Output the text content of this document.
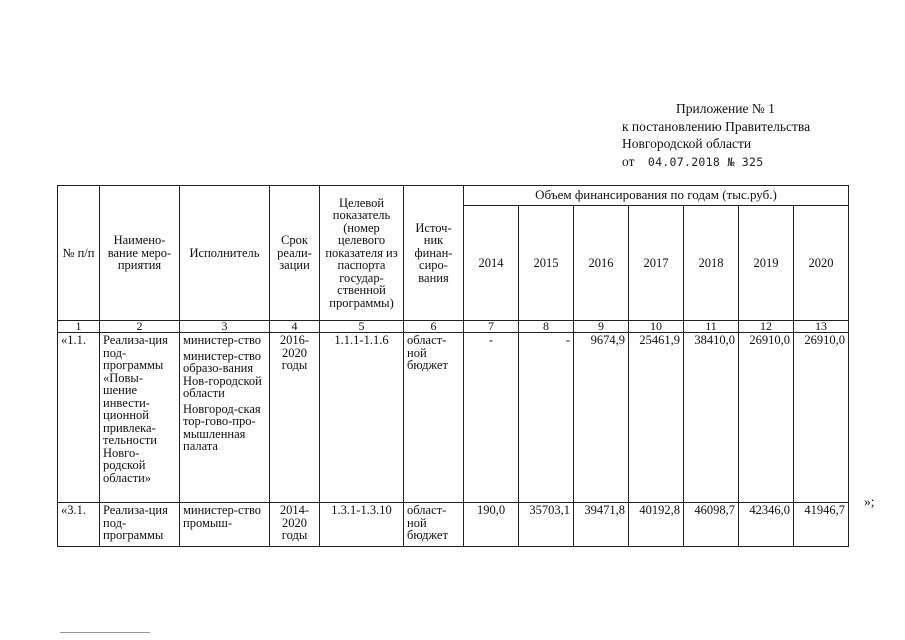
Приложение № 1
к постановлению Правительства
Новгородской области
от 04.07.2018 № 325
№ п/п	Наимено-вание меро-приятия	Исполнитель	Срок реали-зации	Целевой показатель (номер целевого показателя из паспорта государ-ственной программы)	Источ-ник финан-сиро-вания	Объем финансирования по годам (тыс.руб.)						
						2014	2015	2016	2017	2018	2019	2020
1	2	3	4	5	6	7	8	9	10	11	12	13
«1.1.	Реализа-ция под-программы «Повы-шение инвести-ционной привлека-тельности Новго-родской области»	министер-ство
министер-ство образо-вания Нов-городской области
Новгород-ская тор-гово-про-мышленная палата	2016-2020 годы	1.1.1-1.1.6	област-ной бюджет	-	-	9674,9	25461,9	38410,0	26910,0	26910,0
«3.1.	Реализа-ция под-программы	министер-ство промыш-	2014-2020 годы	1.3.1-1.3.10	област-ной бюджет	190,0	35703,1	39471,8	40192,8	46098,7	42346,0	41946,7
»;
